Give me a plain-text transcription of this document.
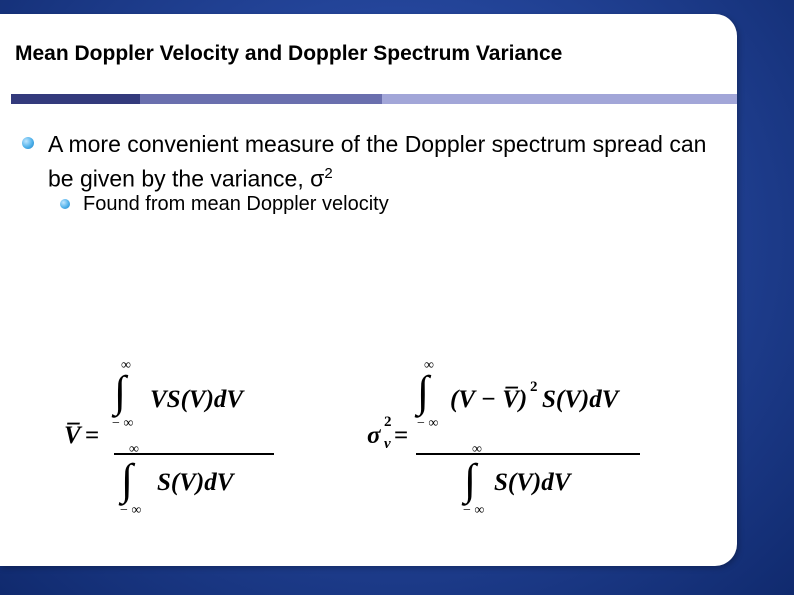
Mean Doppler Velocity and Doppler Spectrum Variance
A more convenient measure of the Doppler spectrum spread can be given by the variance, $\sigma^2$
Found from mean Doppler velocity
V̅ =
∞
∫
− ∞
VS(V)dV
∞
∫
− ∞
S(V)dV
σ 2
v =
∞
∫
− ∞
(V − V̅) 2 S(V)dV
∞
∫
− ∞
S(V)dV
